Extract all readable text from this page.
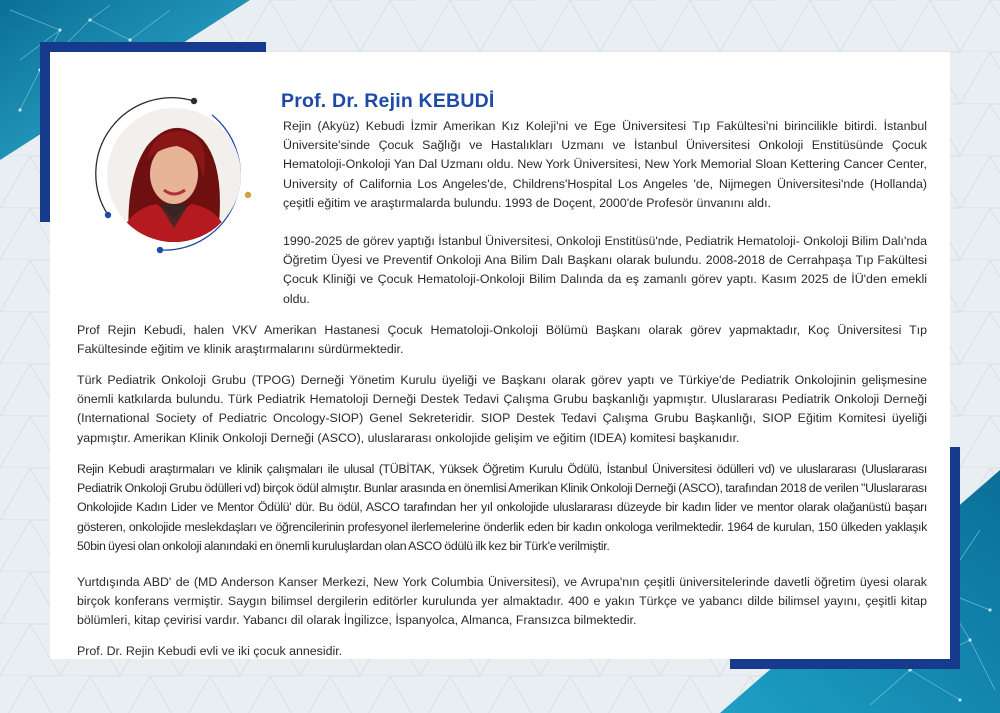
Prof. Dr. Rejin KEBUDİ

Rejin (Akyüz) Kebudi İzmir Amerikan Kız Koleji'ni ve Ege Üniversitesi Tıp Fakültesi'ni birincilikle bitirdi. İstanbul Üniversite'sinde Çocuk Sağlığı ve Hastalıkları Uzmanı ve İstanbul Üniversitesi Onkoloji Enstitüsünde Çocuk Hematoloji-Onkoloji Yan Dal Uzmanı oldu. New York Üniversitesi, New York Memorial Sloan Kettering Cancer Center, University of California Los Angeles'de, Childrens'Hospital Los Angeles 'de, Nijmegen Üniversitesi'nde (Hollanda) çeşitli eğitim ve araştırmalarda bulundu. 1993 de Doçent, 2000'de Profesör ünvanını aldı.

1990-2025 de görev yaptığı İstanbul Üniversitesi, Onkoloji Enstitüsü'nde, Pediatrik Hematoloji- Onkoloji Bilim Dalı'nda Öğretim Üyesi ve Preventif Onkoloji Ana Bilim Dalı Başkanı olarak bulundu. 2008-2018 de Cerrahpaşa Tıp Fakültesi Çocuk Kliniği ve Çocuk Hematoloji-Onkoloji Bilim Dalında da eş zamanlı görev yaptı. Kasım 2025 de İÜ'den emekli oldu.

Prof Rejin Kebudi, halen VKV Amerikan Hastanesi Çocuk Hematoloji-Onkoloji Bölümü Başkanı olarak görev yapmaktadır, Koç Üniversitesi Tıp Fakültesinde eğitim ve klinik araştırmalarını sürdürmektedir.

Türk Pediatrik Onkoloji Grubu (TPOG) Derneği Yönetim Kurulu üyeliği ve Başkanı olarak görev yaptı ve Türkiye'de Pediatrik Onkolojinin gelişmesine önemli katkılarda bulundu. Türk Pediatrik Hematoloji Derneği Destek Tedavi Çalışma Grubu başkanlığı yapmıştır. Uluslararası Pediatrik Onkoloji Derneği (International Society of Pediatric Oncology-SIOP) Genel Sekreteridir. SIOP Destek Tedavi Çalışma Grubu Başkanlığı, SIOP Eğitim Komitesi üyeliği yapmıştır. Amerikan Klinik Onkoloji Derneği (ASCO), uluslararası onkolojide gelişim ve eğitim (IDEA) komitesi başkanıdır.

Rejin Kebudi araştırmaları ve klinik çalışmaları ile ulusal (TÜBİTAK, Yüksek Öğretim Kurulu Ödülü, İstanbul Üniversitesi ödülleri vd) ve uluslararası (Uluslararası Pediatrik Onkoloji Grubu ödülleri vd) birçok ödül almıştır. Bunlar arasında en önemlisi Amerikan Klinik Onkoloji Derneği (ASCO), tarafından 2018 de verilen "Uluslararası Onkolojide Kadın Lider ve Mentor Ödülü' dür. Bu ödül, ASCO tarafından her yıl onkolojide uluslararası düzeyde bir kadın lider ve mentor olarak olağanüstü başarı gösteren, onkolojide meslekdaşları ve öğrencilerinin profesyonel ilerlemelerine önderlik eden bir kadın onkologa verilmektedir. 1964 de kurulan, 150 ülkeden yaklaşık 50bin üyesi olan onkoloji alanındaki en önemli kuruluşlardan olan ASCO ödülü ilk kez bir Türk'e verilmiştir.

Yurtdışında ABD' de (MD Anderson Kanser Merkezi, New York Columbia Üniversitesi), ve Avrupa'nın çeşitli üniversitelerinde davetli öğretim üyesi olarak birçok konferans vermiştir. Saygın bilimsel dergilerin editörler kurulunda yer almaktadır. 400 e yakın Türkçe ve yabancı dilde bilimsel yayını, çeşitli kitap bölümleri, kitap çevirisi vardır. Yabancı dil olarak İngilizce, İspanyolca, Almanca, Fransızca bilmektedir.

Prof. Dr. Rejin Kebudi evli ve iki çocuk annesidir.
